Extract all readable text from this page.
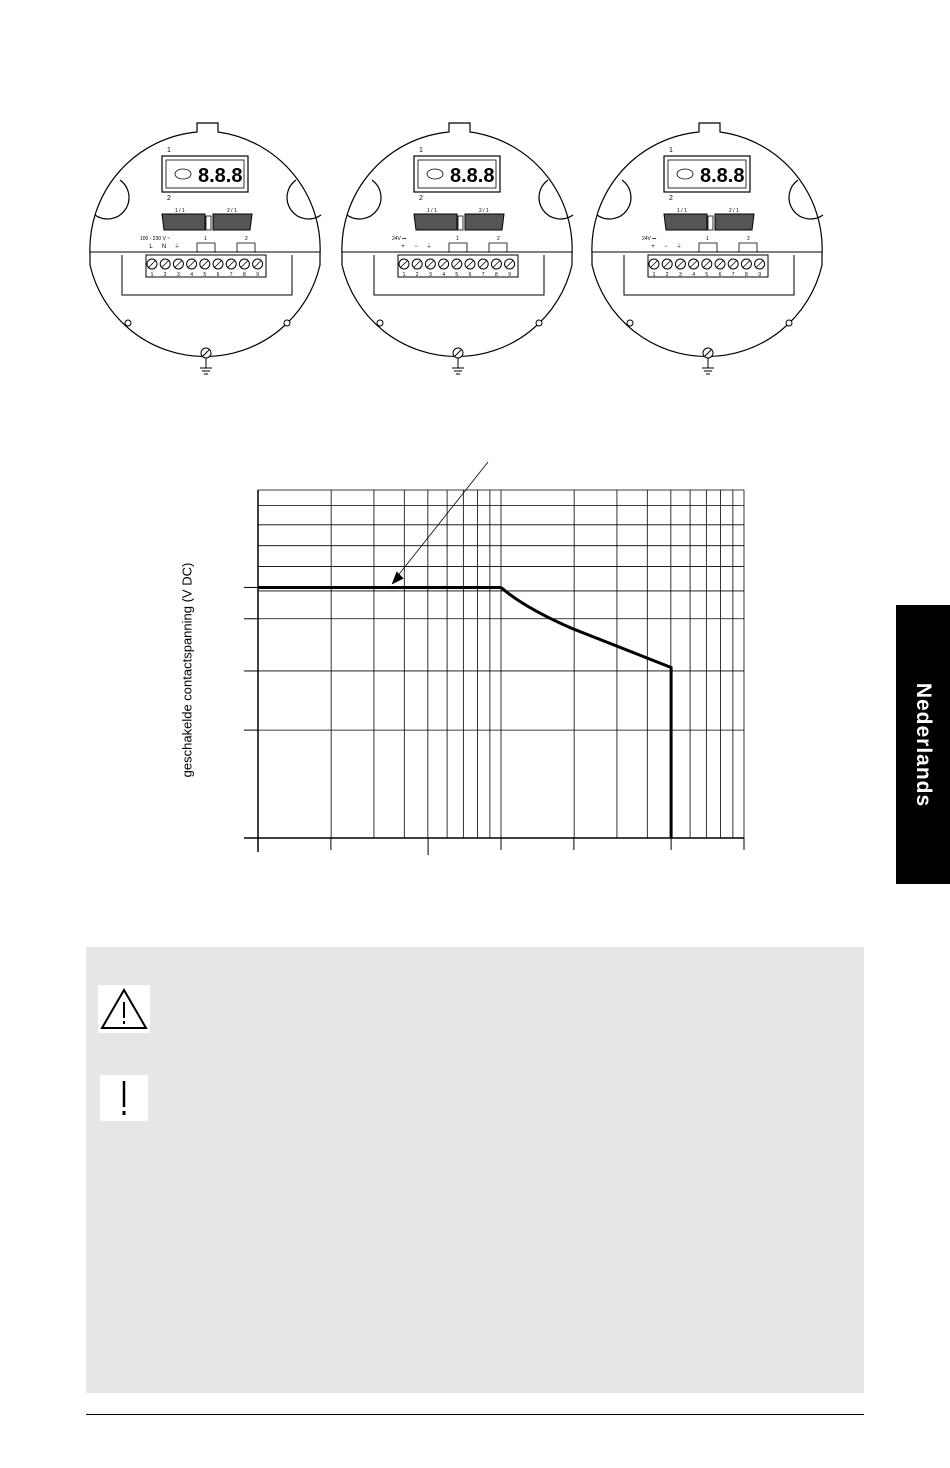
1
2
8.8.8
1 / 1	2 / 1
100 - 230 V ~
L N ⏚
1	2
1 2 3 4 5 6 7 8 9
1
2
8.8.8
1 / 1	2 / 1
24V ⎓
+ − ⏚
1	2
1 2 3 4 5 6 7 8 9
1
2
8.8.8
1 / 1	2 / 1
24V ⎓
+ − ⏚
1	2
1 2 3 4 5 6 7 8 9
geschakelde contactspanning (V DC)	Nederlands
